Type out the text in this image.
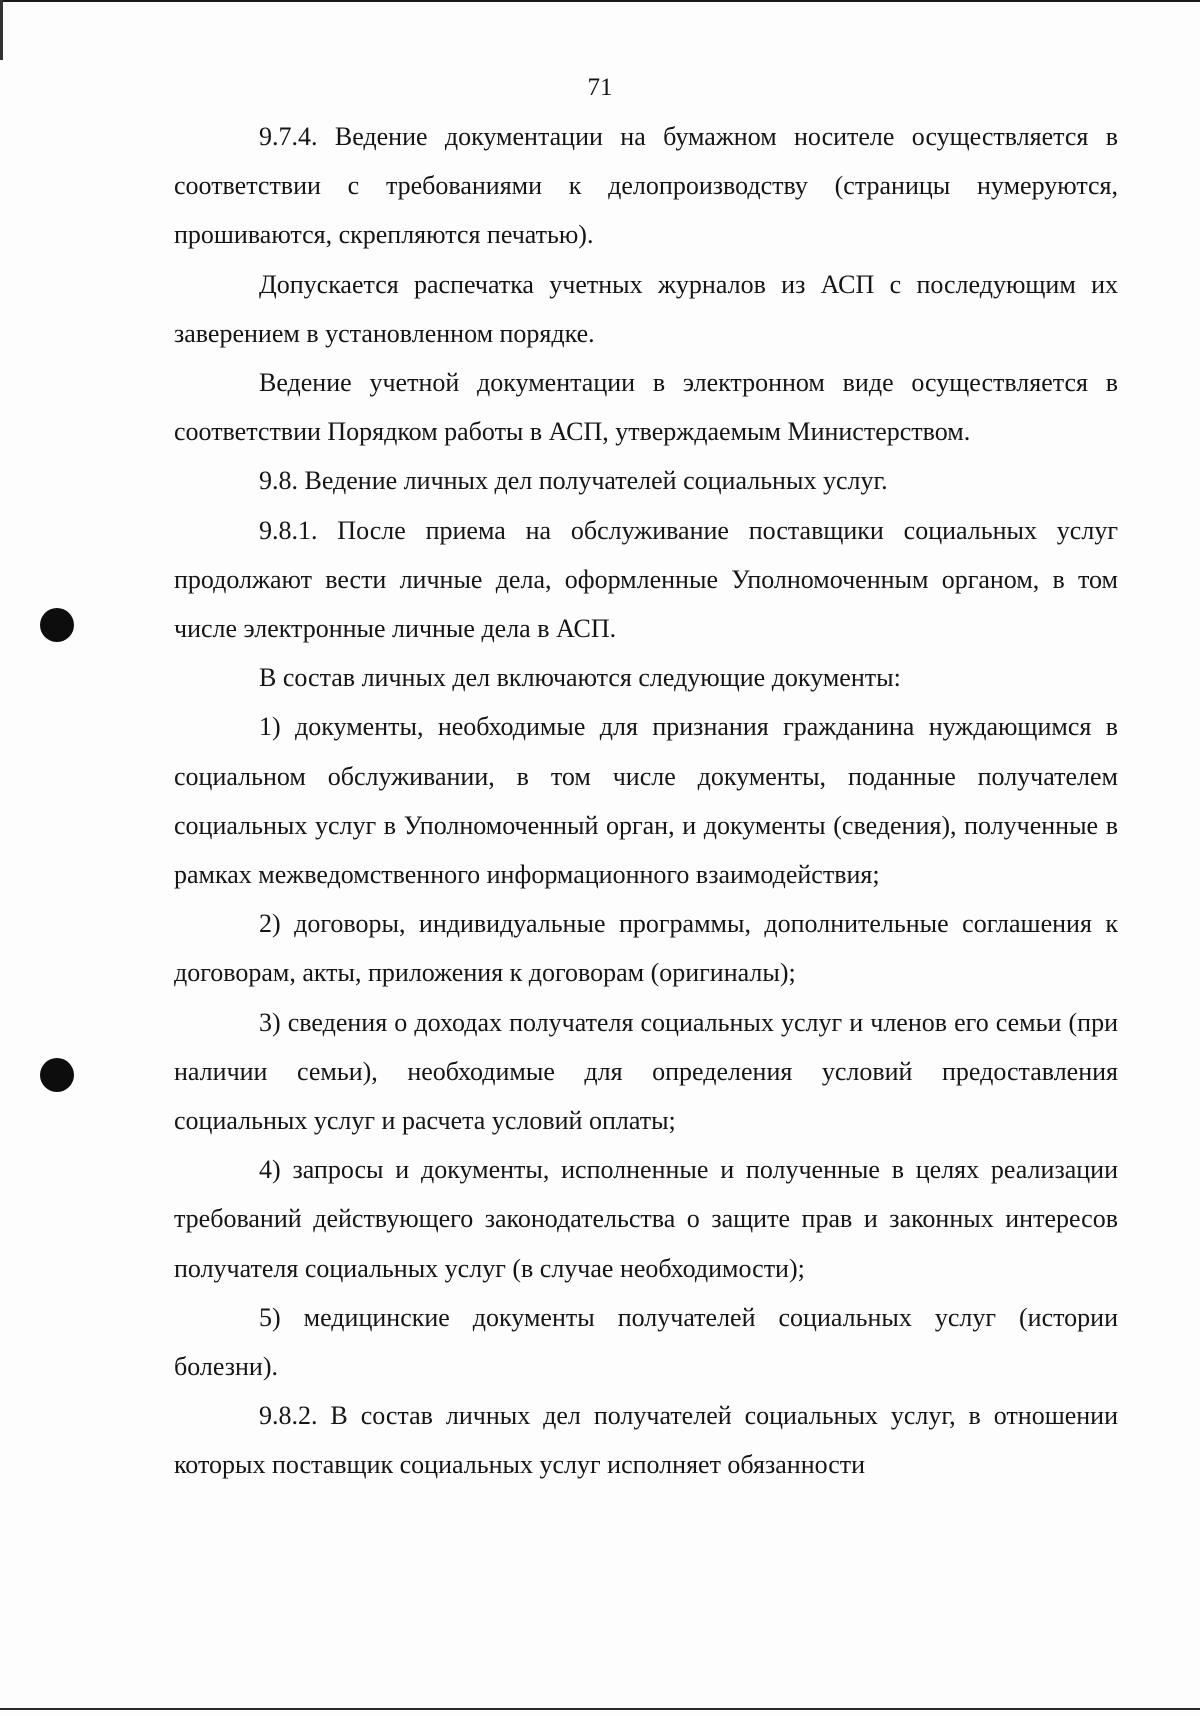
71

9.7.4. Ведение документации на бумажном носителе осуществляется в соответствии с требованиями к делопроизводству (страницы нумеруются, прошиваются, скрепляются печатью).

Допускается распечатка учетных журналов из АСП с последующим их заверением в установленном порядке.

Ведение учетной документации в электронном виде осуществляется в соответствии Порядком работы в АСП, утверждаемым Министерством.

9.8. Ведение личных дел получателей социальных услуг.

9.8.1. После приема на обслуживание поставщики социальных услуг продолжают вести личные дела, оформленные Уполномоченным органом, в том числе электронные личные дела в АСП.

В состав личных дел включаются следующие документы:

1) документы, необходимые для признания гражданина нуждающимся в социальном обслуживании, в том числе документы, поданные получателем социальных услуг в Уполномоченный орган, и документы (сведения), полученные в рамках межведомственного информационного взаимодействия;

2) договоры, индивидуальные программы, дополнительные соглашения к договорам, акты, приложения к договорам (оригиналы);

3) сведения о доходах получателя социальных услуг и членов его семьи (при наличии семьи), необходимые для определения условий предоставления социальных услуг и расчета условий оплаты;

4) запросы и документы, исполненные и полученные в целях реализации требований действующего законодательства о защите прав и законных интересов получателя социальных услуг (в случае необходимости);

5) медицинские документы получателей социальных услуг (истории болезни).

9.8.2. В состав личных дел получателей социальных услуг, в отношении которых поставщик социальных услуг исполняет обязанности
